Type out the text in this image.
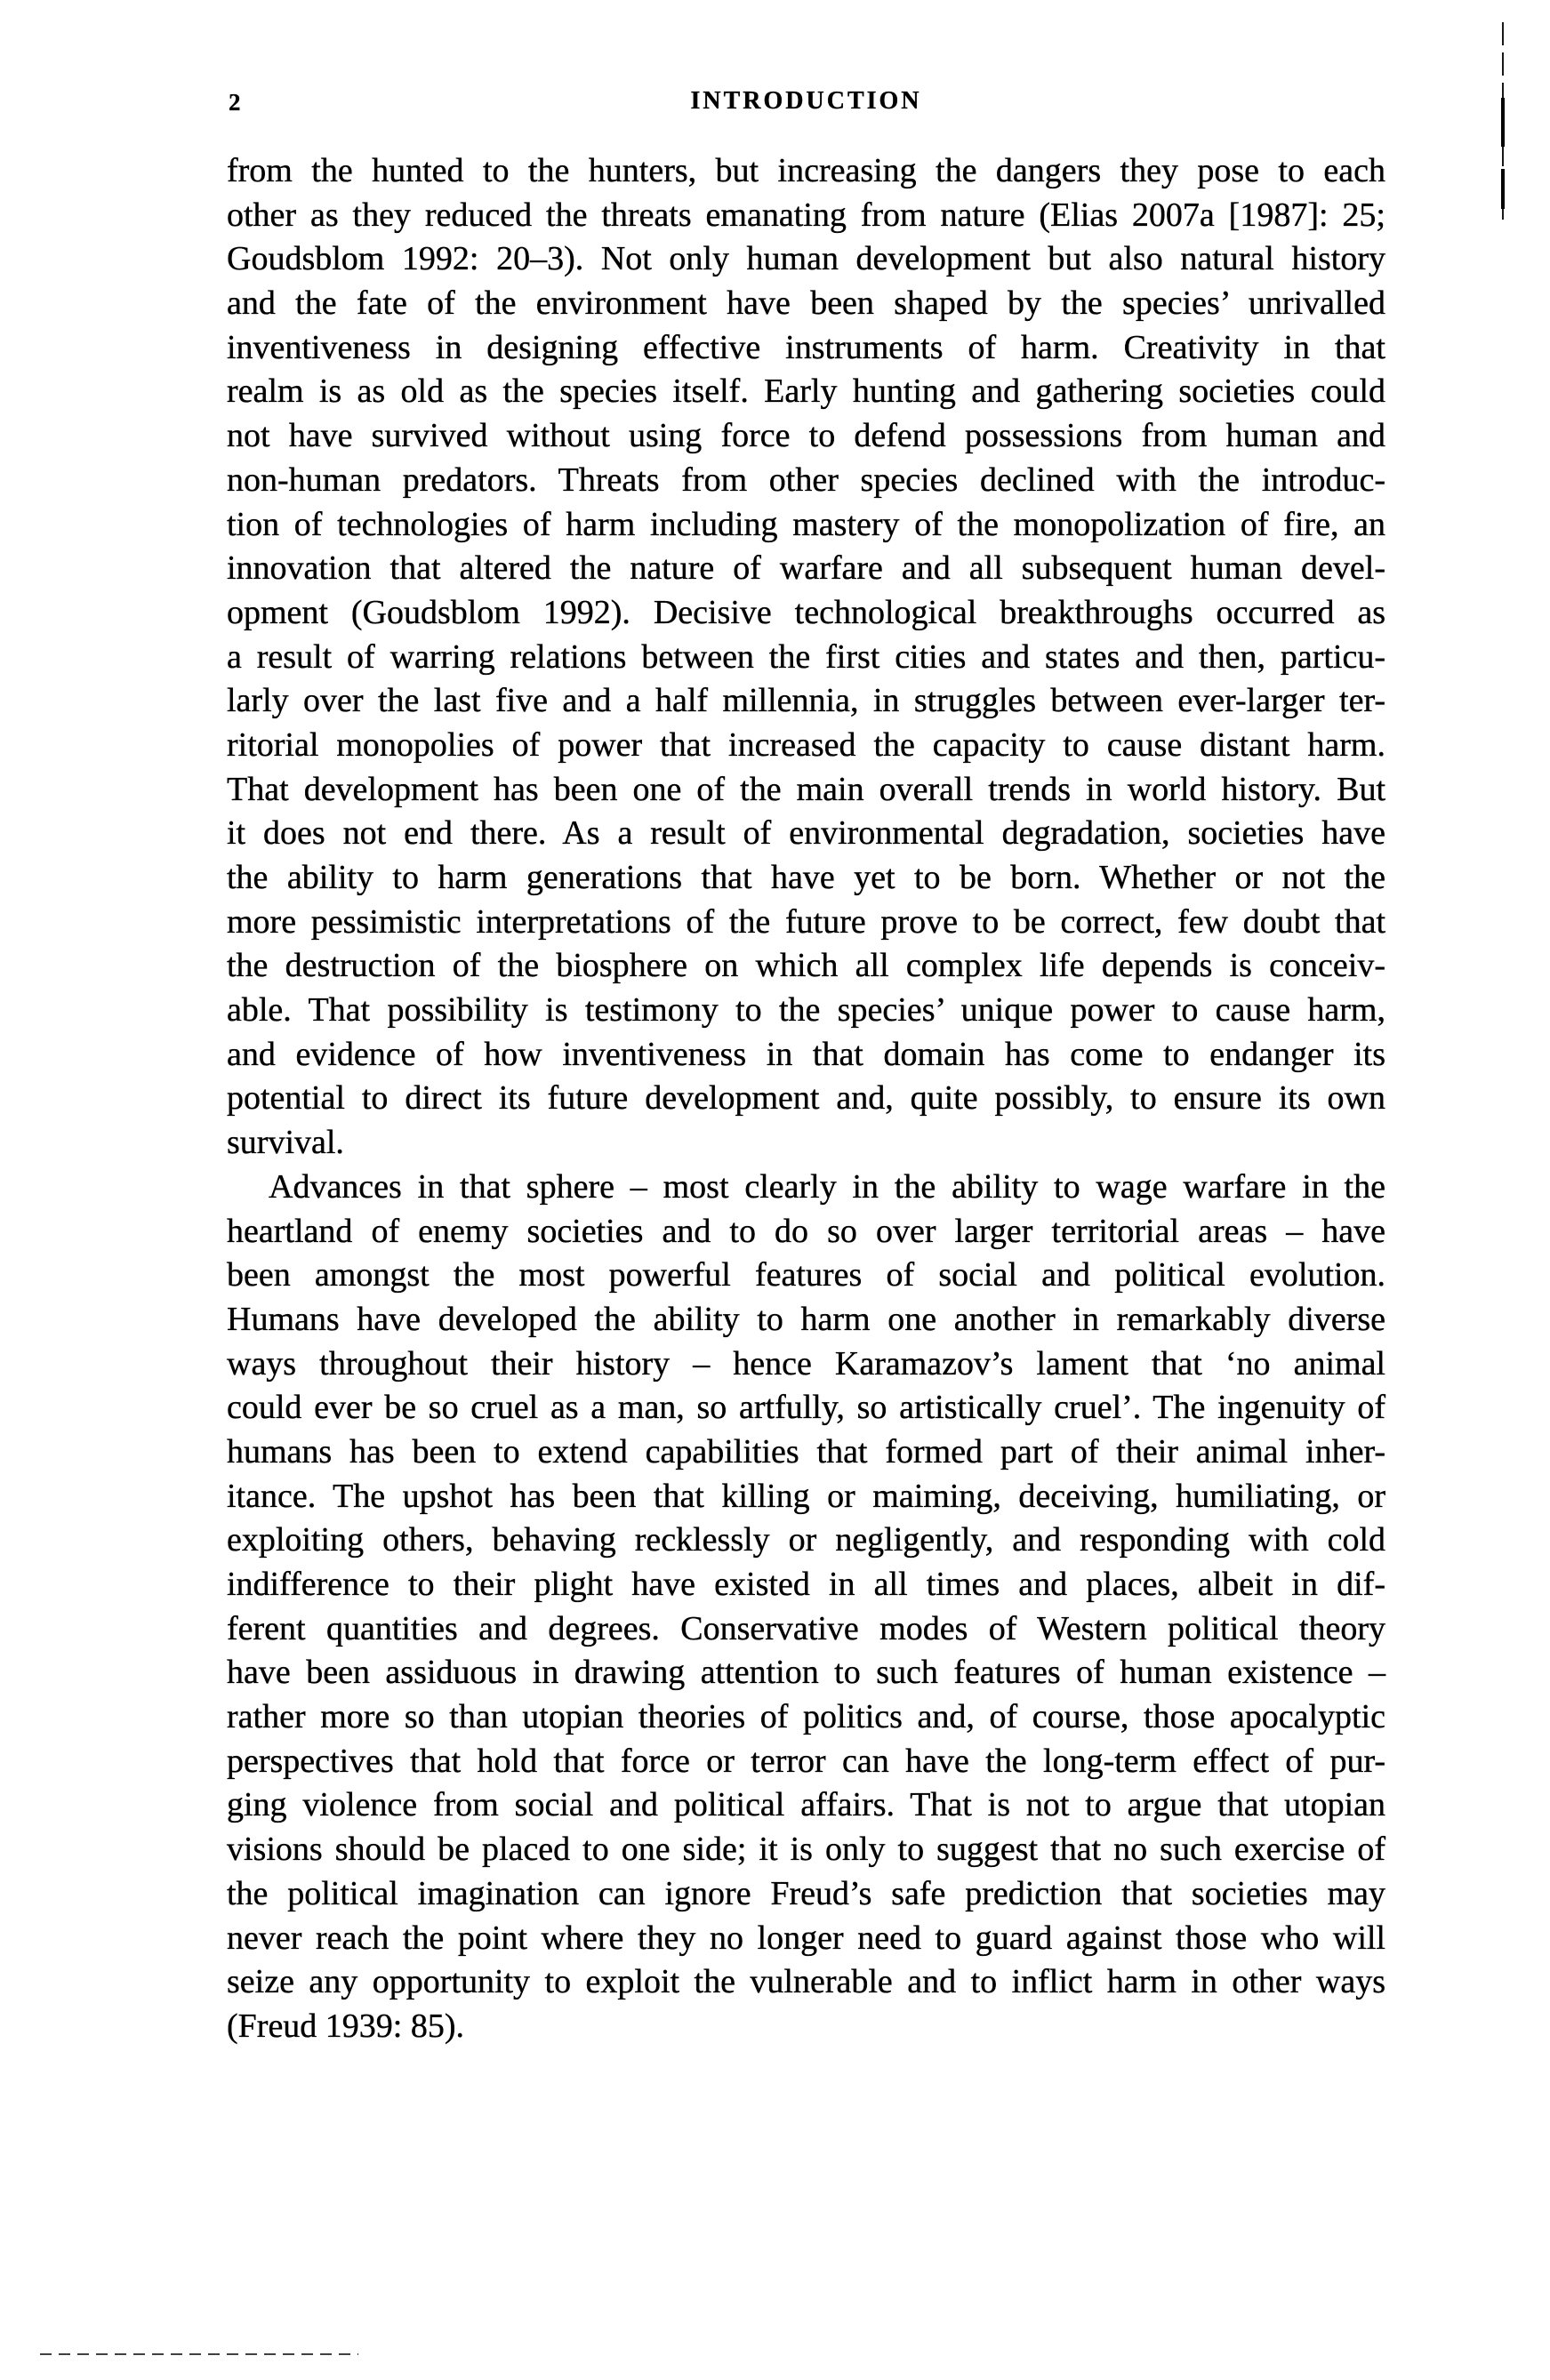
2	INTRODUCTION
from the hunted to the hunters, but increasing the dangers they pose to each
other as they reduced the threats emanating from nature (Elias 2007a [1987]: 25;
Goudsblom 1992: 20–3). Not only human development but also natural history
and the fate of the environment have been shaped by the species’ unrivalled
inventiveness in designing effective instruments of harm. Creativity in that
realm is as old as the species itself. Early hunting and gathering societies could
not have survived without using force to defend possessions from human and
non-human predators. Threats from other species declined with the introduc-
tion of technologies of harm including mastery of the monopolization of fire, an
innovation that altered the nature of warfare and all subsequent human devel-
opment (Goudsblom 1992). Decisive technological breakthroughs occurred as
a result of warring relations between the first cities and states and then, particu-
larly over the last five and a half millennia, in struggles between ever-larger ter-
ritorial monopolies of power that increased the capacity to cause distant harm.
That development has been one of the main overall trends in world history. But
it does not end there. As a result of environmental degradation, societies have
the ability to harm generations that have yet to be born. Whether or not the
more pessimistic interpretations of the future prove to be correct, few doubt that
the destruction of the biosphere on which all complex life depends is conceiv-
able. That possibility is testimony to the species’ unique power to cause harm,
and evidence of how inventiveness in that domain has come to endanger its
potential to direct its future development and, quite possibly, to ensure its own
survival.
Advances in that sphere – most clearly in the ability to wage warfare in the
heartland of enemy societies and to do so over larger territorial areas – have
been amongst the most powerful features of social and political evolution.
Humans have developed the ability to harm one another in remarkably diverse
ways throughout their history – hence Karamazov’s lament that ‘no animal
could ever be so cruel as a man, so artfully, so artistically cruel’. The ingenuity of
humans has been to extend capabilities that formed part of their animal inher-
itance. The upshot has been that killing or maiming, deceiving, humiliating, or
exploiting others, behaving recklessly or negligently, and responding with cold
indifference to their plight have existed in all times and places, albeit in dif-
ferent quantities and degrees. Conservative modes of Western political theory
have been assiduous in drawing attention to such features of human existence –
rather more so than utopian theories of politics and, of course, those apocalyptic
perspectives that hold that force or terror can have the long-term effect of pur-
ging violence from social and political affairs. That is not to argue that utopian
visions should be placed to one side; it is only to suggest that no such exercise of
the political imagination can ignore Freud’s safe prediction that societies may
never reach the point where they no longer need to guard against those who will
seize any opportunity to exploit the vulnerable and to inflict harm in other ways
(Freud 1939: 85).
